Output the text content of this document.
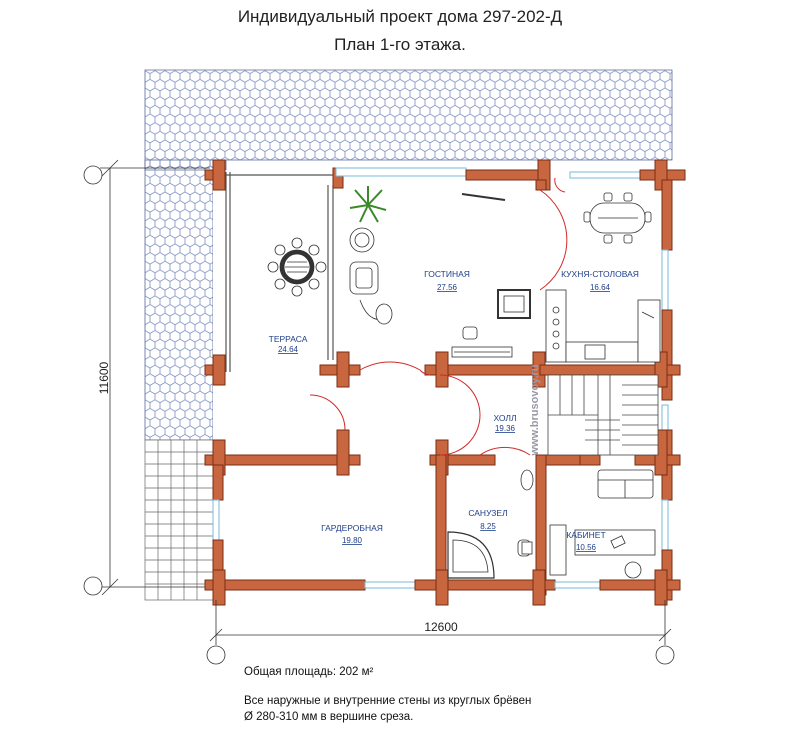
Индивидуальный проект дома 297-202-Д
План 1-го этажа.
www.brusovoy.ru
ТЕРРАСА
24.64
ГОСТИНАЯ
27.56
КУХНЯ-СТОЛОВАЯ
16.64
ХОЛЛ
19.36
ГАРДЕРОБНАЯ
19.80
САНУЗЕЛ
8.25
КАБИНЕТ
10.56
11600
12600
Общая площадь: 202 м²
Все наружные и внутренние стены из круглых брёвен
Ø 280-310 мм в вершине среза.
